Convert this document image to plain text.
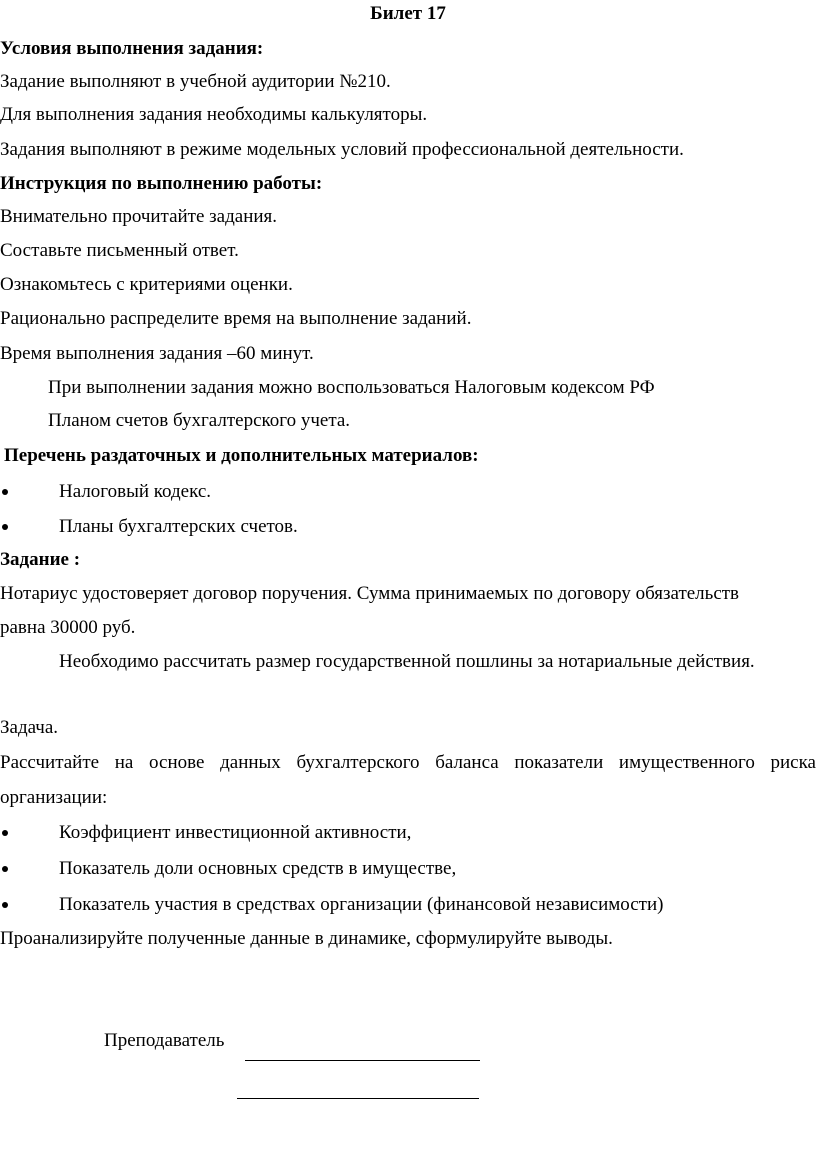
Билет 17
Условия выполнения задания:
Задание выполняют в учебной аудитории №210.
Для выполнения задания необходимы калькуляторы.
Задания выполняют в режиме модельных условий профессиональной деятельности.
Инструкция по выполнению работы:
Внимательно прочитайте задания.
Составьте письменный ответ.
Ознакомьтесь с критериями оценки.
Рационально распределите время на выполнение заданий.
Время выполнения задания –60 минут.
При выполнении задания можно воспользоваться Налоговым кодексом РФ
Планом счетов бухгалтерского учета.
Перечень раздаточных и дополнительных материалов:
Налоговый кодекс.
Планы бухгалтерских счетов.
Задание :
Нотариус удостоверяет договор поручения. Сумма принимаемых по договору обязательств
равна 30000 руб.
Необходимо рассчитать размер государственной пошлины за нотариальные действия.
Задача.
Рассчитайте на основе данных бухгалтерского баланса показатели имущественного риска
организации:
Коэффициент инвестиционной активности,
Показатель доли основных средств в имуществе,
Показатель участия в средствах организации (финансовой независимости)
Проанализируйте полученные данные в динамике, сформулируйте выводы.
Преподаватель
